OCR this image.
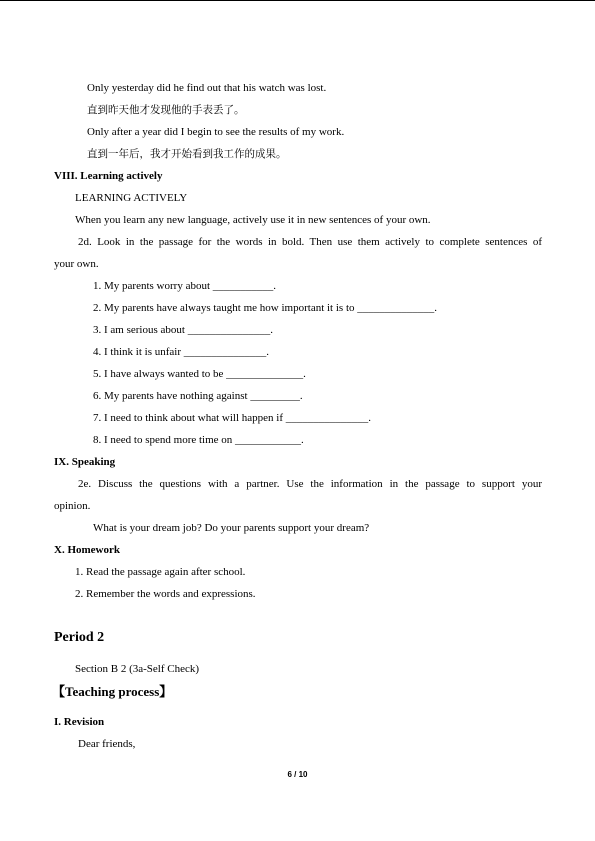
Only yesterday did he find out that his watch was lost.
直到昨天他才发现他的手表丢了。
Only after a year did I begin to see the results of my work.
直到一年后，我才开始看到我工作的成果。
VIII. Learning actively
LEARNING ACTIVELY
When you learn any new language, actively use it in new sentences of your own.
2d. Look in the passage for the words in bold. Then use them actively to complete sentences of
your own.
1. My parents worry about ___________.
2. My parents have always taught me how important it is to ______________.
3. I am serious about _______________.
4. I think it is unfair _______________.
5. I have always wanted to be ______________.
6. My parents have nothing against _________.
7. I need to think about what will happen if _______________.
8. I need to spend more time on ____________.
IX. Speaking
2e. Discuss the questions with a partner. Use the information in the passage to support your
opinion.
What is your dream job? Do your parents support your dream?
X. Homework
1. Read the passage again after school.
2. Remember the words and expressions.
Period 2
Section B 2 (3a-Self Check)
【Teaching process】
I. Revision
Dear friends,
6 / 10
